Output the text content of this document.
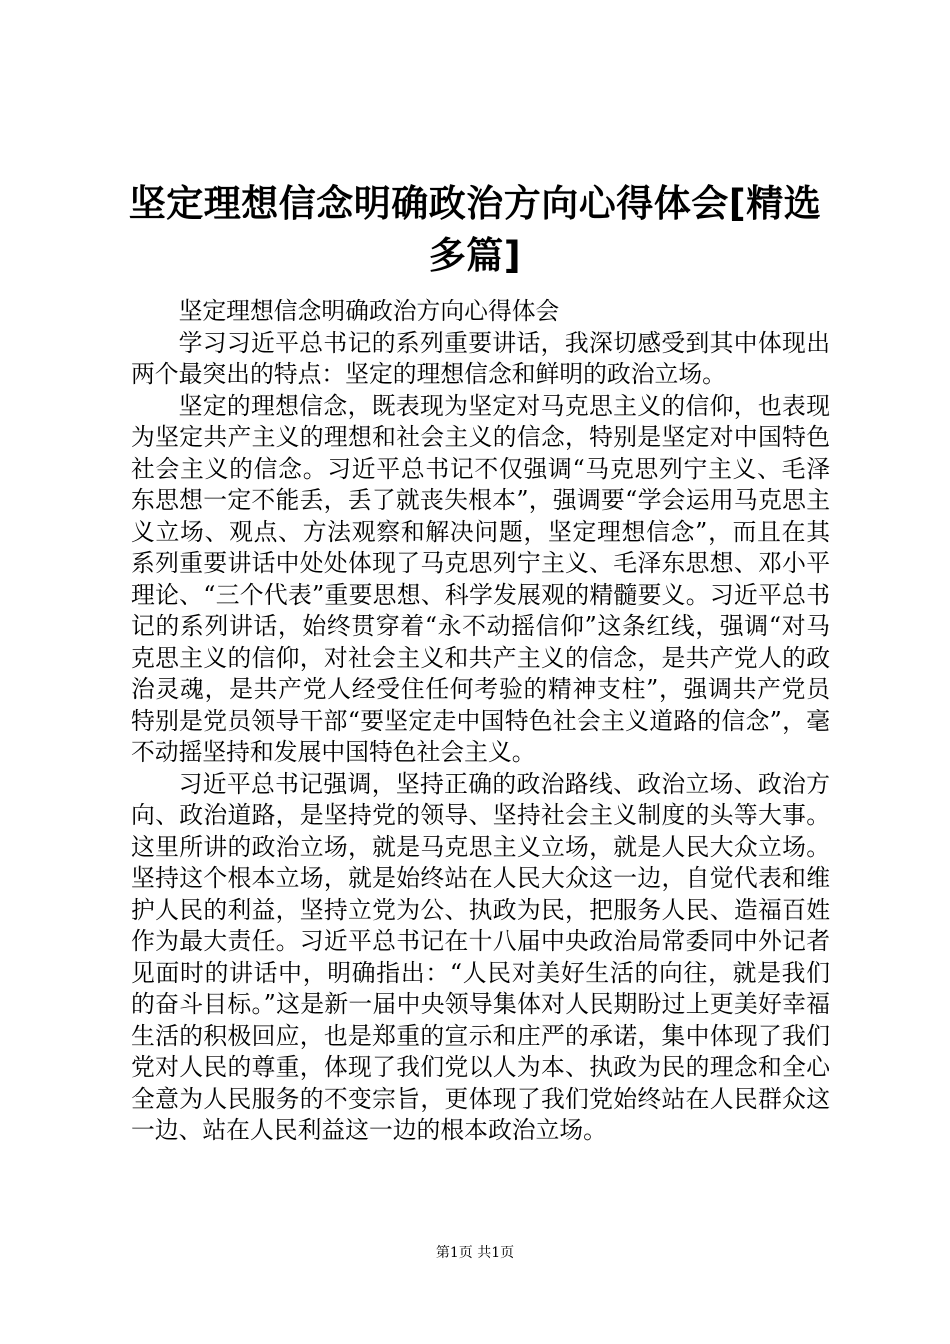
坚定理想信念明确政治方向心得体会[精选多篇]

坚定理想信念明确政治方向心得体会

学习习近平总书记的系列重要讲话，我深切感受到其中体现出两个最突出的特点：坚定的理想信念和鲜明的政治立场。

坚定的理想信念，既表现为坚定对马克思主义的信仰，也表现为坚定共产主义的理想和社会主义的信念，特别是坚定对中国特色社会主义的信念。习近平总书记不仅强调“马克思列宁主义、毛泽东思想一定不能丢，丢了就丧失根本”，强调要“学会运用马克思主义立场、观点、方法观察和解决问题，坚定理想信念”，而且在其系列重要讲话中处处体现了马克思列宁主义、毛泽东思想、邓小平理论、“三个代表”重要思想、科学发展观的精髓要义。习近平总书记的系列讲话，始终贯穿着“永不动摇信仰”这条红线，强调“对马克思主义的信仰，对社会主义和共产主义的信念，是共产党人的政治灵魂，是共产党人经受住任何考验的精神支柱”，强调共产党员特别是党员领导干部“要坚定走中国特色社会主义道路的信念”，毫不动摇坚持和发展中国特色社会主义。

习近平总书记强调，坚持正确的政治路线、政治立场、政治方向、政治道路，是坚持党的领导、坚持社会主义制度的头等大事。这里所讲的政治立场，就是马克思主义立场，就是人民大众立场。坚持这个根本立场，就是始终站在人民大众这一边，自觉代表和维护人民的利益，坚持立党为公、执政为民，把服务人民、造福百姓作为最大责任。习近平总书记在十八届中央政治局常委同中外记者见面时的讲话中，明确指出：“人民对美好生活的向往，就是我们的奋斗目标。”这是新一届中央领导集体对人民期盼过上更美好幸福生活的积极回应，也是郑重的宣示和庄严的承诺，集中体现了我们党对人民的尊重，体现了我们党以人为本、执政为民的理念和全心全意为人民服务的不变宗旨，更体现了我们党始终站在人民群众这一边、站在人民利益这一边的根本政治立场。

第1页 共1页
